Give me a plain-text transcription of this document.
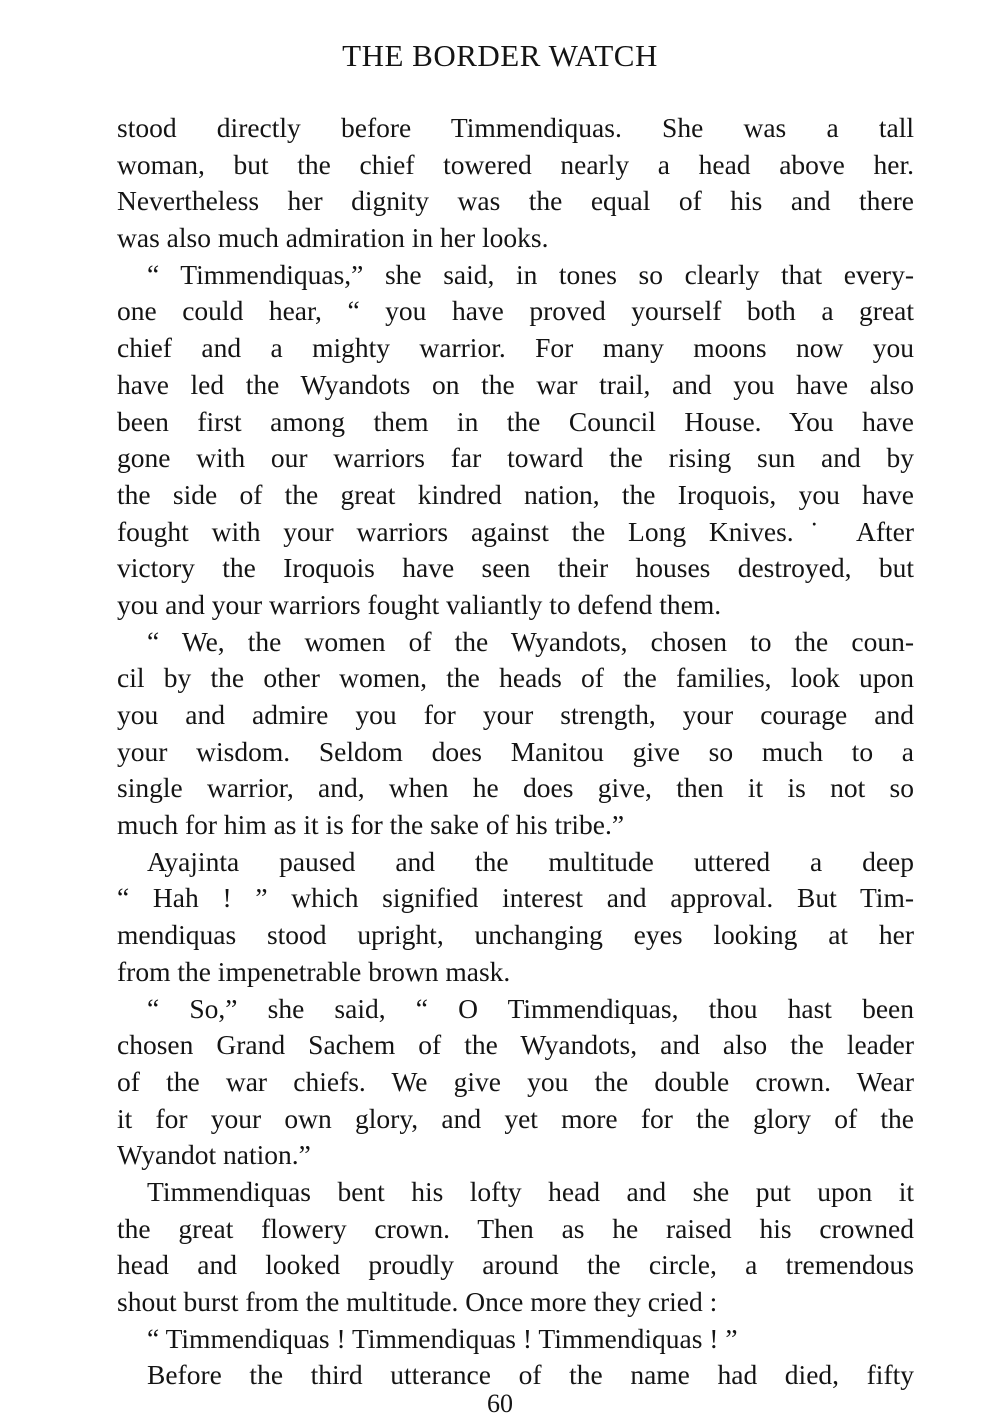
THE BORDER WATCH
stood directly before Timmendiquas. She was a tall
woman, but the chief towered nearly a head above her.
Nevertheless her dignity was the equal of his and there
was also much admiration in her looks.
“ Timmendiquas,” she said, in tones so clearly that every-
one could hear, “ you have proved yourself both a great
chief and a mighty warrior. For many moons now you
have led the Wyandots on the war trail, and you have also
been first among them in the Council House. You have
gone with our warriors far toward the rising sun and by
the side of the great kindred nation, the Iroquois, you have
fought with your warriors against the Long Knives.˙ After
victory the Iroquois have seen their houses destroyed, but
you and your warriors fought valiantly to defend them.
“ We, the women of the Wyandots, chosen to the coun-
cil by the other women, the heads of the families, look upon
you and admire you for your strength, your courage and
your wisdom. Seldom does Manitou give so much to a
single warrior, and, when he does give, then it is not so
much for him as it is for the sake of his tribe.”
Ayajinta paused and the multitude uttered a deep
“ Hah ! ” which signified interest and approval. But Tim-
mendiquas stood upright, unchanging eyes looking at her
from the impenetrable brown mask.
“ So,” she said, “ O Timmendiquas, thou hast been
chosen Grand Sachem of the Wyandots, and also the leader
of the war chiefs. We give you the double crown. Wear
it for your own glory, and yet more for the glory of the
Wyandot nation.”
Timmendiquas bent his lofty head and she put upon it
the great flowery crown. Then as he raised his crowned
head and looked proudly around the circle, a tremendous
shout burst from the multitude. Once more they cried :
“ Timmendiquas ! Timmendiquas ! Timmendiquas ! ”
Before the third utterance of the name had died, fifty
60
